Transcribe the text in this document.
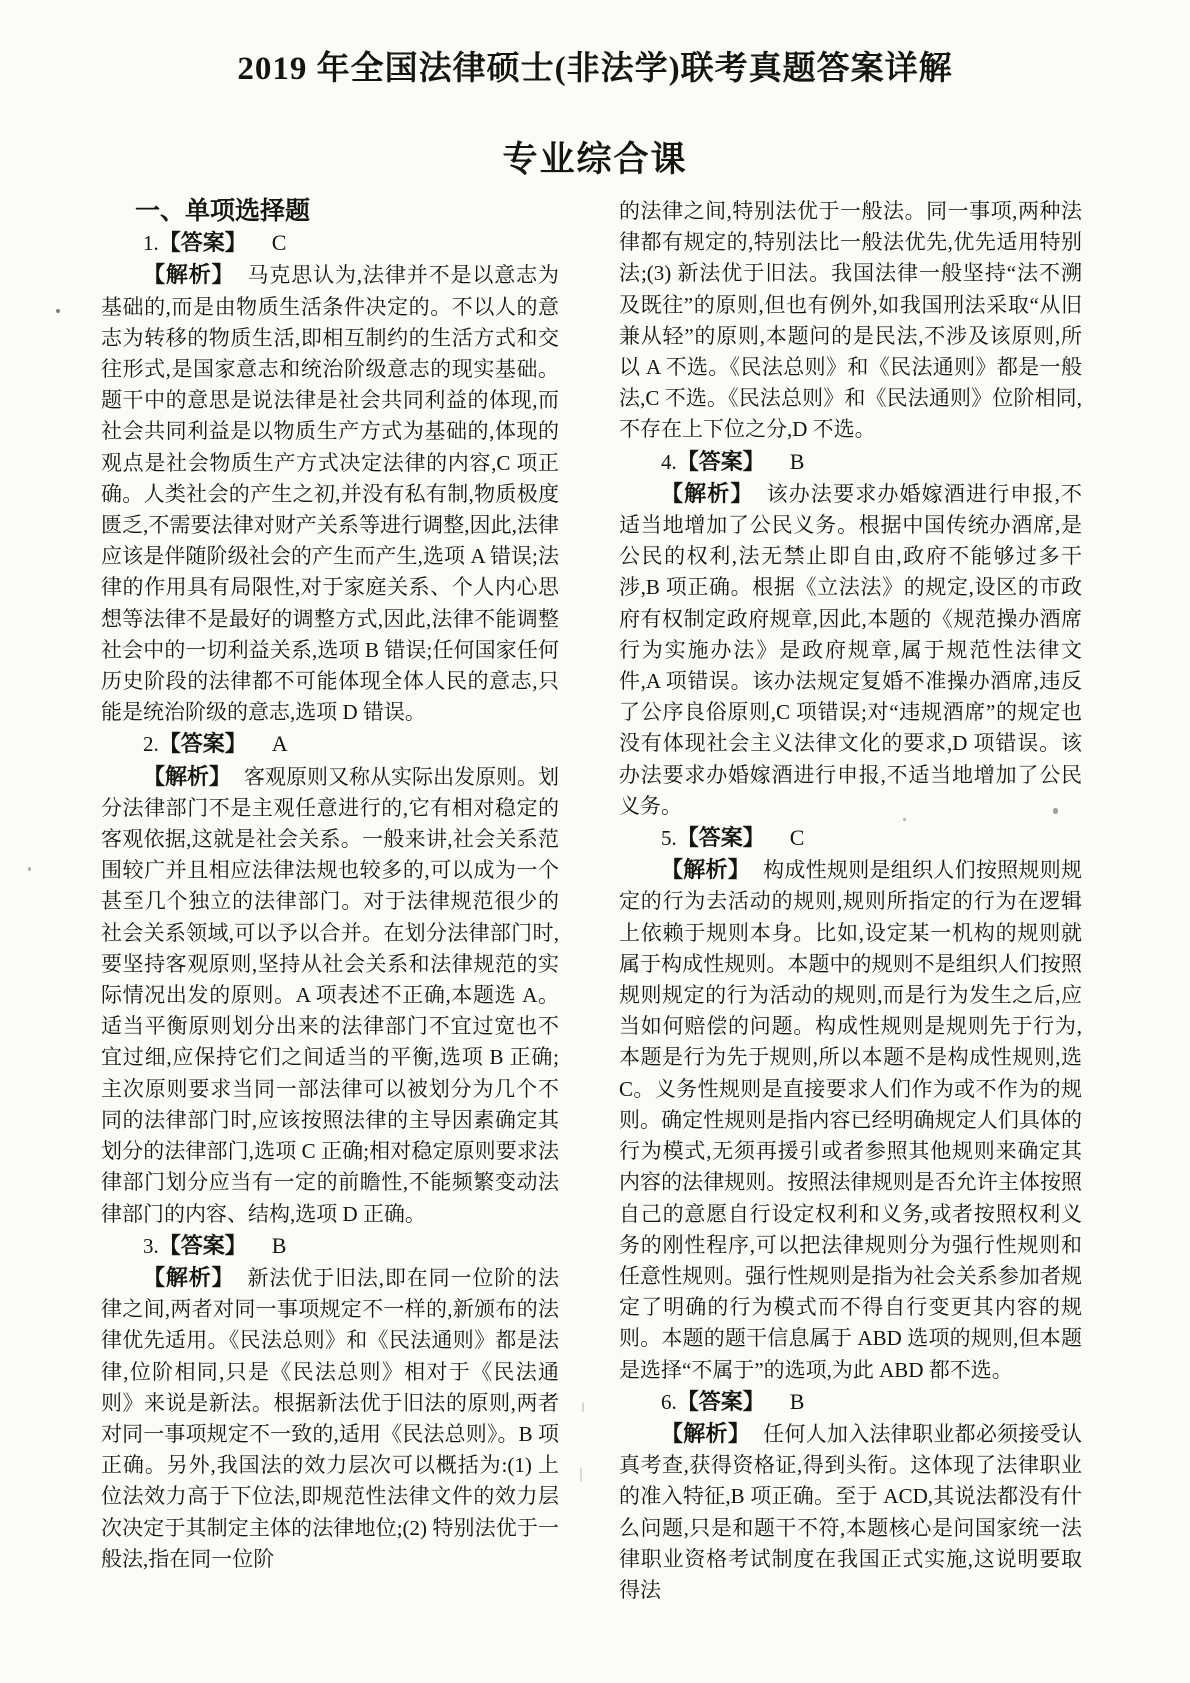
2019 年全国法律硕士(非法学)联考真题答案详解
专业综合课
一、单项选择题
1.【答案】 C

【解析】 马克思认为,法律并不是以意志为基础的,而是由物质生活条件决定的。不以人的意志为转移的物质生活,即相互制约的生活方式和交往形式,是国家意志和统治阶级意志的现实基础。题干中的意思是说法律是社会共同利益的体现,而社会共同利益是以物质生产方式为基础的,体现的观点是社会物质生产方式决定法律的内容,C 项正确。人类社会的产生之初,并没有私有制,物质极度匮乏,不需要法律对财产关系等进行调整,因此,法律应该是伴随阶级社会的产生而产生,选项 A 错误;法律的作用具有局限性,对于家庭关系、个人内心思想等法律不是最好的调整方式,因此,法律不能调整社会中的一切利益关系,选项 B 错误;任何国家任何历史阶段的法律都不可能体现全体人民的意志,只能是统治阶级的意志,选项 D 错误。

2.【答案】 A

【解析】 客观原则又称从实际出发原则。划分法律部门不是主观任意进行的,它有相对稳定的客观依据,这就是社会关系。一般来讲,社会关系范围较广并且相应法律法规也较多的,可以成为一个甚至几个独立的法律部门。对于法律规范很少的社会关系领域,可以予以合并。在划分法律部门时,要坚持客观原则,坚持从社会关系和法律规范的实际情况出发的原则。A 项表述不正确,本题选 A。适当平衡原则划分出来的法律部门不宜过宽也不宜过细,应保持它们之间适当的平衡,选项 B 正确;主次原则要求当同一部法律可以被划分为几个不同的法律部门时,应该按照法律的主导因素确定其划分的法律部门,选项 C 正确;相对稳定原则要求法律部门划分应当有一定的前瞻性,不能频繁变动法律部门的内容、结构,选项 D 正确。

3.【答案】 B

【解析】 新法优于旧法,即在同一位阶的法律之间,两者对同一事项规定不一样的,新颁布的法律优先适用。《民法总则》和《民法通则》都是法律,位阶相同,只是《民法总则》相对于《民法通则》来说是新法。根据新法优于旧法的原则,两者对同一事项规定不一致的,适用《民法总则》。B 项正确。另外,我国法的效力层次可以概括为:(1) 上位法效力高于下位法,即规范性法律文件的效力层次决定于其制定主体的法律地位;(2) 特别法优于一般法,指在同一位阶

的法律之间,特别法优于一般法。同一事项,两种法律都有规定的,特别法比一般法优先,优先适用特别法;(3) 新法优于旧法。我国法律一般坚持“法不溯及既往”的原则,但也有例外,如我国刑法采取“从旧兼从轻”的原则,本题问的是民法,不涉及该原则,所以 A 不选。《民法总则》和《民法通则》都是一般法,C 不选。《民法总则》和《民法通则》位阶相同,不存在上下位之分,D 不选。

4.【答案】 B

【解析】 该办法要求办婚嫁酒进行申报,不适当地增加了公民义务。根据中国传统办酒席,是公民的权利,法无禁止即自由,政府不能够过多干涉,B 项正确。根据《立法法》的规定,设区的市政府有权制定政府规章,因此,本题的《规范操办酒席行为实施办法》是政府规章,属于规范性法律文件,A 项错误。该办法规定复婚不准操办酒席,违反了公序良俗原则,C 项错误;对“违规酒席”的规定也没有体现社会主义法律文化的要求,D 项错误。该办法要求办婚嫁酒进行申报,不适当地增加了公民义务。

5.【答案】 C

【解析】 构成性规则是组织人们按照规则规定的行为去活动的规则,规则所指定的行为在逻辑上依赖于规则本身。比如,设定某一机构的规则就属于构成性规则。本题中的规则不是组织人们按照规则规定的行为活动的规则,而是行为发生之后,应当如何赔偿的问题。构成性规则是规则先于行为,本题是行为先于规则,所以本题不是构成性规则,选 C。义务性规则是直接要求人们作为或不作为的规则。确定性规则是指内容已经明确规定人们具体的行为模式,无须再援引或者参照其他规则来确定其内容的法律规则。按照法律规则是否允许主体按照自己的意愿自行设定权利和义务,或者按照权利义务的刚性程序,可以把法律规则分为强行性规则和任意性规则。强行性规则是指为社会关系参加者规定了明确的行为模式而不得自行变更其内容的规则。本题的题干信息属于 ABD 选项的规则,但本题是选择“不属于”的选项,为此 ABD 都不选。

6.【答案】 B

【解析】 任何人加入法律职业都必须接受认真考查,获得资格证,得到头衔。这体现了法律职业的准入特征,B 项正确。至于 ACD,其说法都没有什么问题,只是和题干不符,本题核心是问国家统一法律职业资格考试制度在我国正式实施,这说明要取得法
